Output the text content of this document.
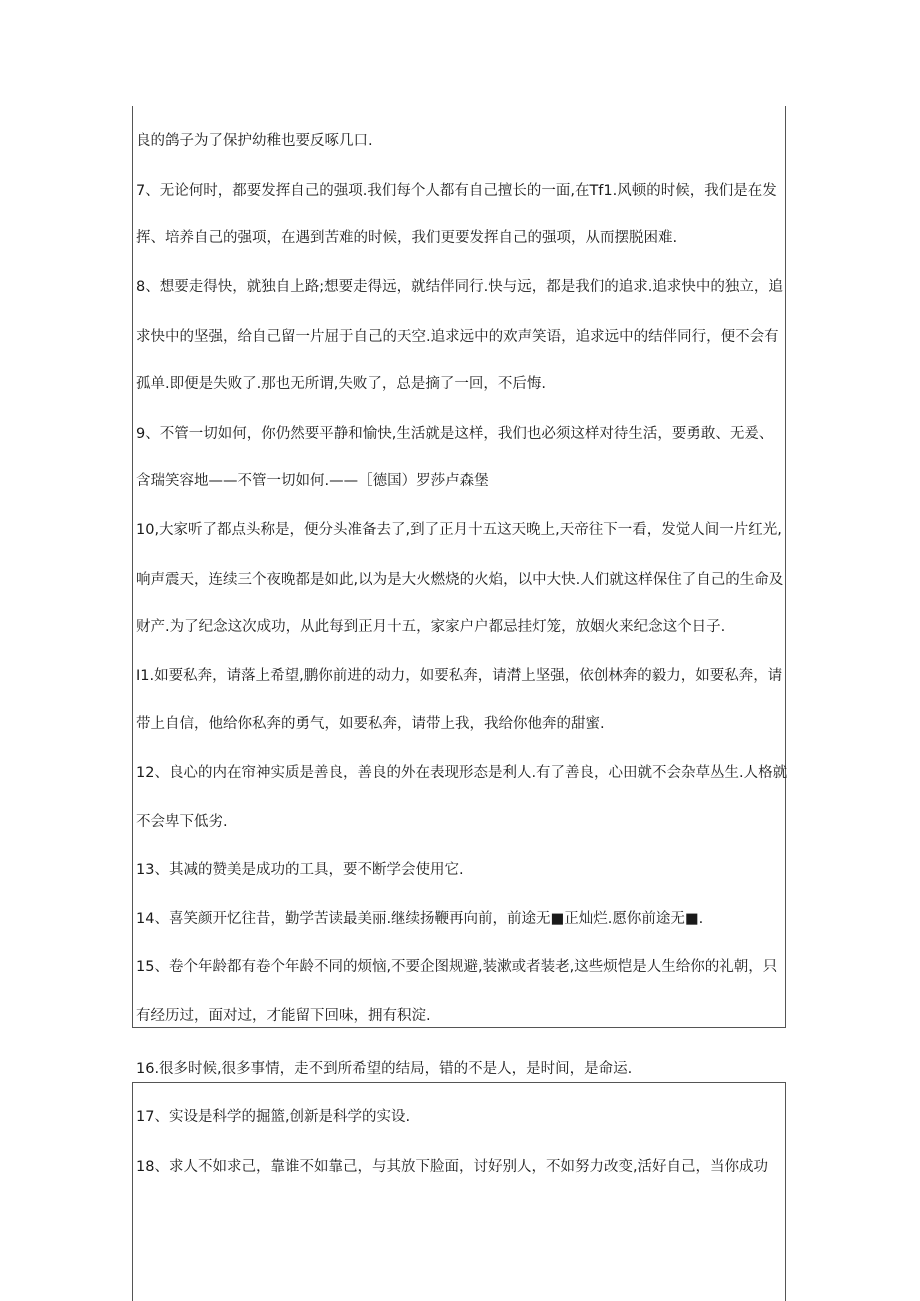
良的鸽子为了保护幼稚也要反啄几口.
7、无论何时，都要发挥自己的强项.我们每个人都有自己擅长的一面,在Tf1.风顿的时候，我们是在发
挥、培养自己的强项，在遇到苦难的时候，我们更要发挥自己的强项，从而摆脱困难.
8、想要走得快，就独自上路;想要走得远，就结伴同行.快与远，都是我们的追求.追求快中的独立，追
求快中的坚强，给自己留一片屈于自己的天空.追求远中的欢声笑语，追求远中的结伴同行，便不会有
孤单.即便是失败了.那也无所谓,失败了，总是摘了一回，不后悔.
9、不管一切如何，你仍然要平静和愉快,生活就是这样，我们也必须这样对待生活，要勇敢、无爰、
含瑞笑容地——不管一切如何.——［德国）罗莎卢森堡
10,大家听了都点头称是，便分头准备去了,到了正月十五这天晚上,天帝往下一看，发觉人间一片红光,
响声震天，连续三个夜晚都是如此,以为是大火燃烧的火焰，以中大快.人们就这样保住了自己的生命及
财产.为了纪念这次成功，从此每到正月十五，家家户户都忌挂灯笼，放姻火来纪念这个日子.
I1.如要私奔，请落上希望,鹏你前进的动力，如要私奔，请潸上坚强，依创林奔的毅力，如要私奔，请
带上自信，他给你私奔的勇气，如要私奔，请带上我，我给你他奔的甜蜜.
12、良心的内在帘神实质是善良，善良的外在表现形态是利人.有了善良，心田就不会杂草丛生.人格就
不会卑下低劣.
13、其减的赞美是成功的工具，要不断学会使用它.
14、喜笑颜开忆往昔，勤学苦读最美丽.继续扬鞭再向前，前途无■正灿烂.愿你前途无■.
15、卷个年龄都有卷个年龄不同的烦恼,不要企图规避,装漱或者装老,这些烦恺是人生给你的礼朝，只
有经历过，面对过，才能留下回味，拥有积淀.
16.很多时候,很多事情，走不到所希望的结局，错的不是人，是时间，是命运.
17、实设是科学的掘篮,创新是科学的实设.
18、求人不如求己，靠谁不如靠己，与其放下脸面，讨好别人，不如努力改变,活好自己，当你成功
